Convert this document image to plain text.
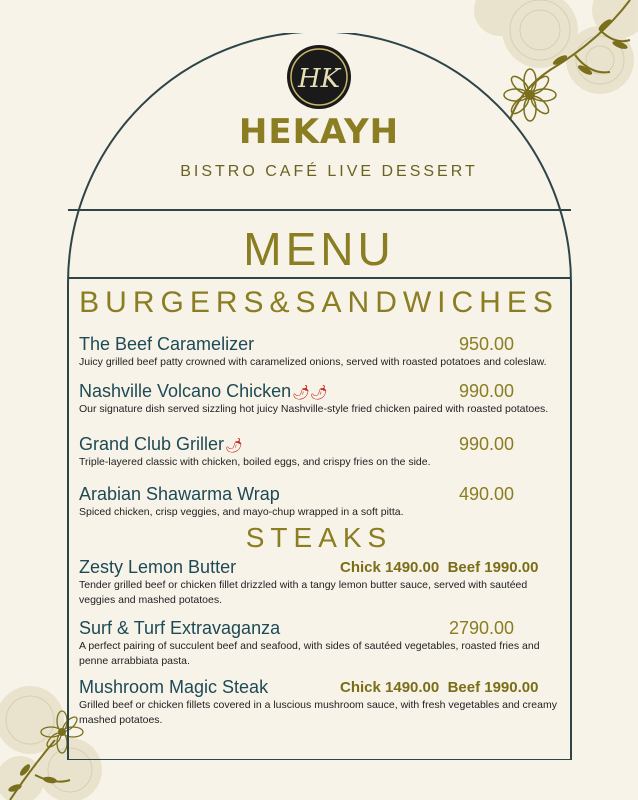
HK
HEKAYH
BISTRO CAFÉ LIVE DESSERT
MENU
BURGERS&SANDWICHES
The Beef Caramelizer	950.00
Juicy grilled beef patty crowned with caramelized onions, served with roasted potatoes and coleslaw.
Nashville Volcano Chicken🌶🌶	990.00
Our signature dish served sizzling hot juicy Nashville-style fried chicken paired with roasted potatoes.
Grand Club Griller🌶	990.00
Triple-layered classic with chicken, boiled eggs, and crispy fries on the side.
Arabian Shawarma Wrap	490.00
Spiced chicken, crisp veggies, and mayo-chup wrapped in a soft pitta.
STEAKS
Zesty Lemon Butter	Chick 1490.00  Beef 1990.00
Tender grilled beef or chicken fillet drizzled with a tangy lemon butter sauce, served with sautéed veggies and mashed potatoes.
Surf & Turf Extravaganza	2790.00
A perfect pairing of succulent beef and seafood, with sides of sautéed vegetables, roasted fries and penne arrabbiata pasta.
Mushroom Magic Steak	Chick 1490.00  Beef 1990.00
Grilled beef or chicken fillets covered in a luscious mushroom sauce, with fresh vegetables and creamy mashed potatoes.
